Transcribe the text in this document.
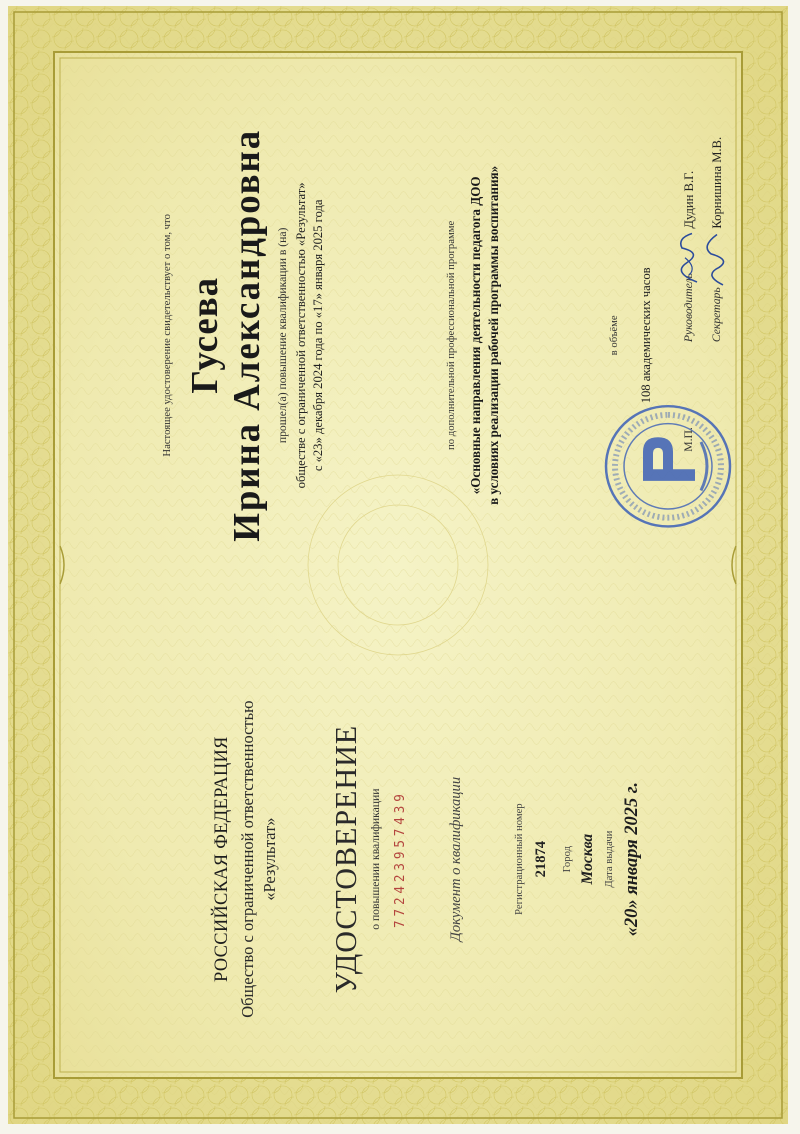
РОССИЙСКАЯ ФЕДЕРАЦИЯ Общество с ограниченной ответственностью «Результат» УДОСТОВЕРЕНИЕ о повышении квалификации 772423957439	Документ о квалификации	Регистрационный номер 21874 Город Москва Дата выдачи «20» января 2025 г.
Настоящее удостоверение свидетельствует о том, что Гусева Ирина Александровна прошел(а) повышение квалификации в (на) обществе с ограниченной ответственностью «Результат» с «23» декабря 2024 года по «17» января 2025 года	по дополнительной профессиональной программе «Основные направления деятельности педагога ДОО в условиях реализации рабочей программы воспитания»	в объёме 108 академических часов
М.П.
Руководитель
Дудин В.Г.
Секретарь
Корнишина М.В.
